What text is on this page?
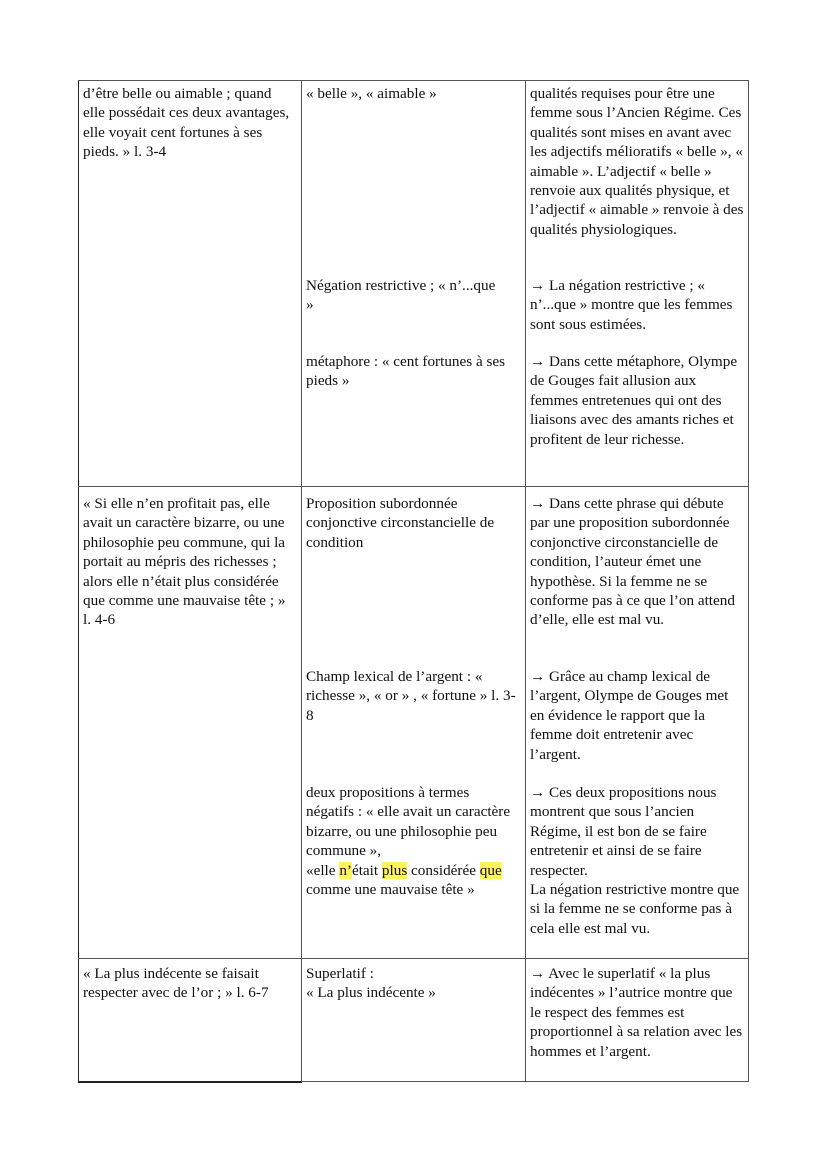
d’être belle ou aimable ; quand elle possédait ces deux avantages, elle voyait cent fortunes à ses pieds. » l. 3-4
« belle », « aimable »	qualités requises pour être une femme sous l’Ancien Régime. Ces qualités sont mises en avant avec les adjectifs mélioratifs « belle », « aimable ». L’adjectif « belle » renvoie aux qualités physique, et l’adjectif « aimable » renvoie à des qualités physiologiques.
Négation restrictive ; « n’...que »
→ La négation restrictive ; « n’...que » montre que les femmes sont sous estimées.
métaphore : « cent fortunes à ses pieds »
→ Dans cette métaphore, Olympe de Gouges fait allusion aux femmes entretenues qui ont des liaisons avec des amants riches et profitent de leur richesse.
« Si elle n’en profitait pas, elle avait un caractère bizarre, ou une philosophie peu commune, qui la portait au mépris des richesses ; alors elle n’était plus considérée que comme une mauvaise tête ; » l. 4-6
Proposition subordonnée conjonctive circonstancielle de condition
→ Dans cette phrase qui débute par une proposition subordonnée conjonctive circonstancielle de condition, l’auteur émet une hypothèse. Si la femme ne se conforme pas à ce que l’on attend d’elle, elle est mal vu.
Champ lexical de l’argent : « richesse », « or » , « fortune » l. 3- 8
→ Grâce au champ lexical de l’argent, Olympe de Gouges met en évidence le rapport que la femme doit entretenir avec l’argent.
deux propositions à termes négatifs : « elle avait un caractère bizarre, ou une philosophie peu commune »,
«elle n’était plus considérée que comme une mauvaise tête »
→ Ces deux propositions nous montrent que sous l’ancien Régime, il est bon de se faire entretenir et ainsi de se faire respecter.
La négation restrictive montre que si la femme ne se conforme pas à cela elle est mal vu.
« La plus indécente se faisait respecter avec de l’or ; » l. 6-7
Superlatif :
« La plus indécente »
→ Avec le superlatif « la plus indécentes » l’autrice montre que le respect des femmes est proportionnel à sa relation avec les hommes et l’argent.
